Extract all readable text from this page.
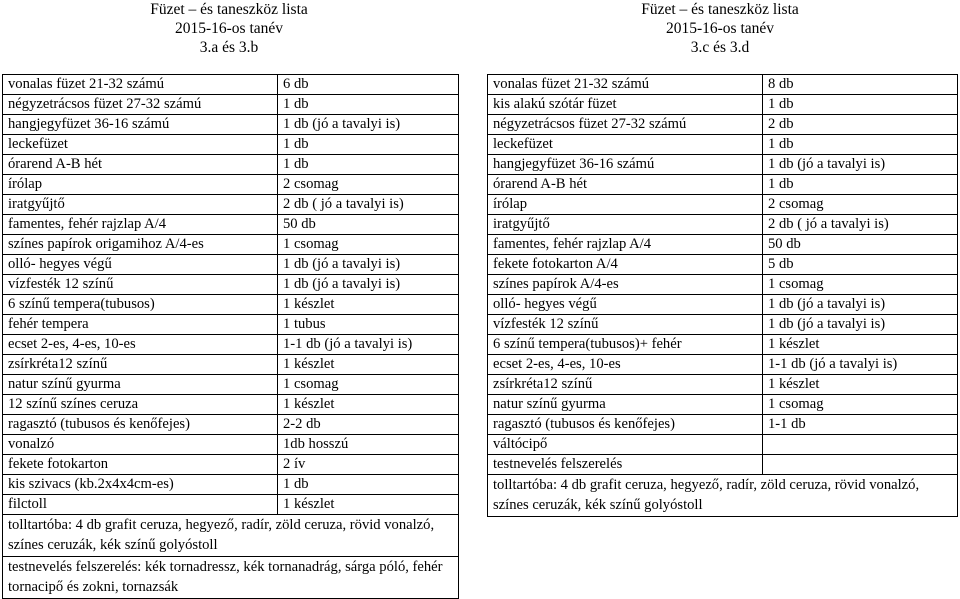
Füzet – és taneszköz lista
2015-16-os tanév
3.a és 3.b
Füzet – és taneszköz lista
2015-16-os tanév
3.c és 3.d
vonalas füzet 21-32 számú	6 db
négyzetrácsos füzet 27-32 számú	1 db
hangjegyfüzet 36-16 számú	1 db (jó a tavalyi is)
leckefüzet	1 db
órarend A-B hét	1 db
írólap	2 csomag
iratgyűjtő	2 db ( jó a tavalyi is)
famentes, fehér rajzlap A/4	50 db
színes papírok origamihoz A/4-es	1 csomag
olló- hegyes végű	1 db (jó a tavalyi is)
vízfesték 12 színű	1 db (jó a tavalyi is)
6 színű tempera(tubusos)	1 készlet
fehér tempera	1 tubus
ecset 2-es, 4-es, 10-es	1-1 db (jó a tavalyi is)
zsírkréta12 színű	1 készlet
natur színű gyurma	1 csomag
12 színű színes ceruza	1 készlet
ragasztó (tubusos és kenőfejes)	2-2 db
vonalzó	1db hosszú
fekete fotokarton	2 ív
kis szivacs (kb.2x4x4cm-es)	1 db
filctoll	1 készlet
tolltartóba: 4 db grafit ceruza, hegyező, radír, zöld ceruza, rövid vonalzó, színes ceruzák, kék színű golyóstoll	
testnevelés felszerelés: kék tornadressz, kék tornanadrág, sárga póló, fehér tornacipő és zokni, tornazsák	
vonalas füzet 21-32 számú	8 db
kis alakú szótár füzet	1 db
négyzetrácsos füzet 27-32 számú	2 db
leckefüzet	1 db
hangjegyfüzet 36-16 számú	1 db (jó a tavalyi is)
órarend A-B hét	1 db
írólap	2 csomag
iratgyűjtő	2 db ( jó a tavalyi is)
famentes, fehér rajzlap A/4	50 db
fekete fotokarton A/4	5 db
színes papírok A/4-es	1 csomag
olló- hegyes végű	1 db (jó a tavalyi is)
vízfesték 12 színű	1 db (jó a tavalyi is)
6 színű tempera(tubusos)+ fehér	1 készlet
ecset 2-es, 4-es, 10-es	1-1 db (jó a tavalyi is)
zsírkréta12 színű	1 készlet
natur színű gyurma	1 csomag
ragasztó (tubusos és kenőfejes)	1-1 db
váltócipő	
testnevelés felszerelés	
tolltartóba: 4 db grafit ceruza, hegyező, radír, zöld ceruza, rövid vonalzó, színes ceruzák, kék színű golyóstoll	
